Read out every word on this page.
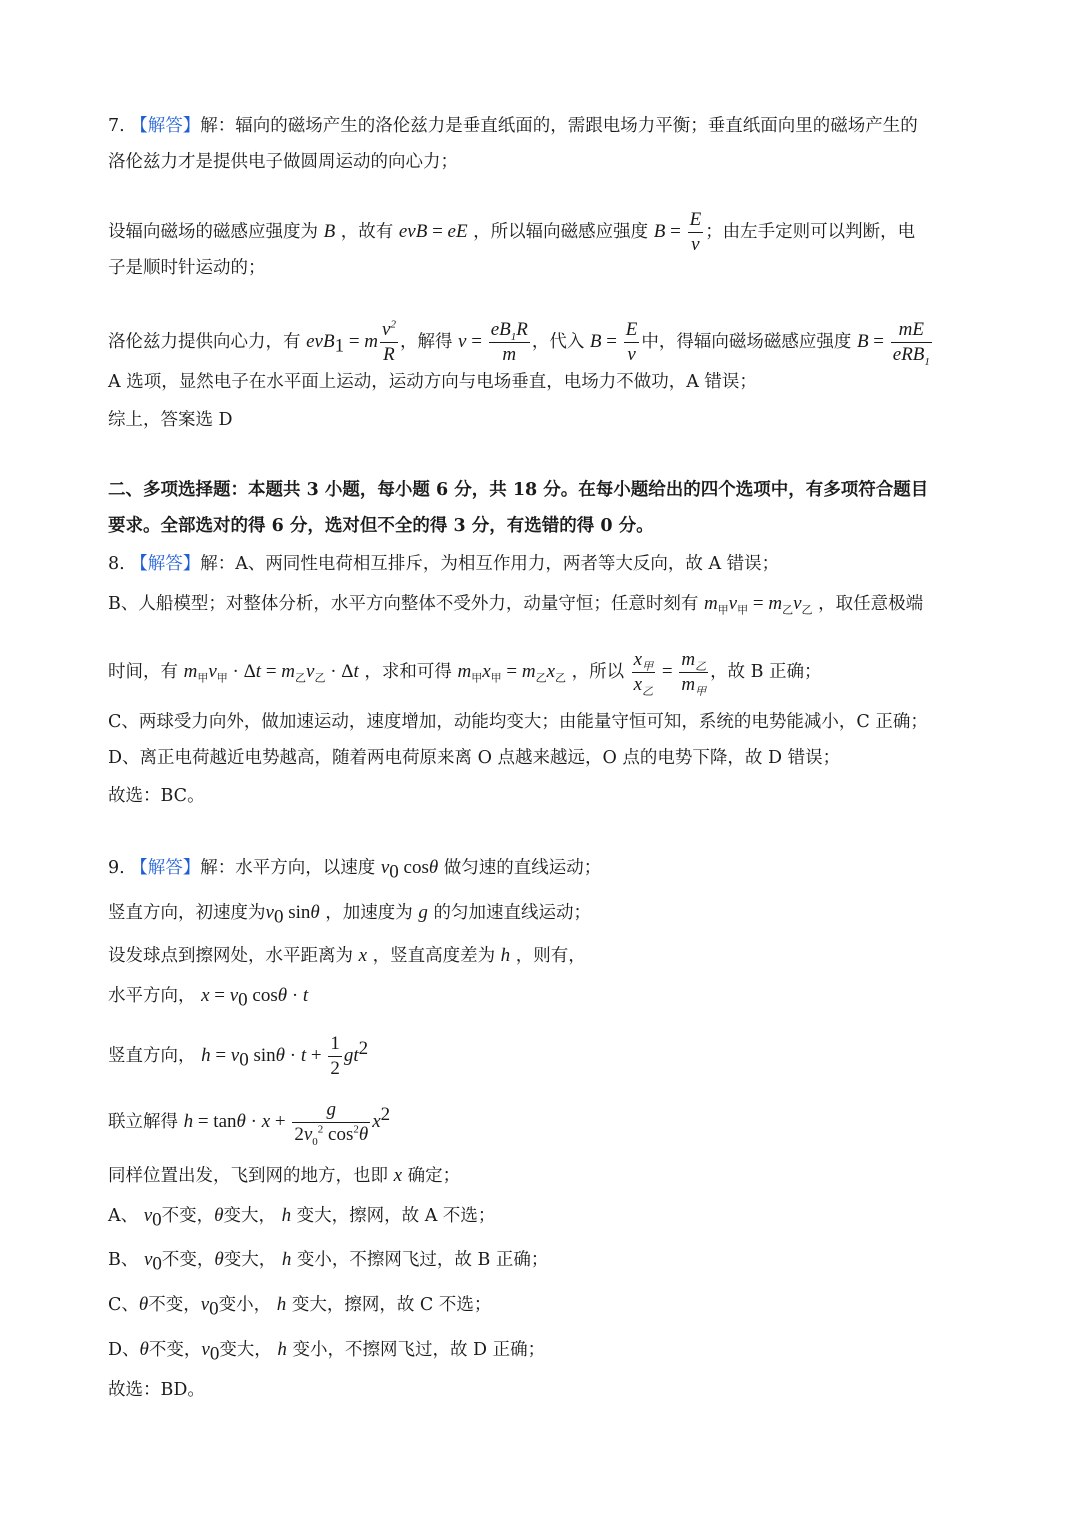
7. 【解答】解：辐向的磁场产生的洛伦兹力是垂直纸面的，需跟电场力平衡；垂直纸面向里的磁场产生的
洛伦兹力才是提供电子做圆周运动的向心力；
设辐向磁场的磁感应强度为 B ，故有 evB = eE ，所以辐向磁感应强度 $B = \frac{E}{v}$ ；由左手定则可以判断，电
子是顺时针运动的；
洛伦兹力提供向心力，有 evB$_1$ = m $\frac{v^2}{R}$ ，解得 $v = \frac{eB_1R}{m}$ ，代入 $B = \frac{E}{v}$ 中，得辐向磁场磁感应强度 $B = \frac{mE}{eRB_1}$
A 选项，显然电子在水平面上运动，运动方向与电场垂直，电场力不做功，A 错误；
综上，答案选 D
二、多项选择题：本题共 3 小题，每小题 6 分，共 18 分。在每小题给出的四个选项中，有多项符合题目
要求。全部选对的得 6 分，选对但不全的得 3 分，有选错的得 0 分。
8. 【解答】解：A、两同性电荷相互排斥，为相互作用力，两者等大反向，故 A 错误；
B、人船模型；对整体分析，水平方向整体不受外力，动量守恒；任意时刻有 $m_甲v_甲 = m_乙v_乙$ ，取任意极端
时间，有 $m_甲v_甲 \cdot \Delta t = m_乙v_乙 \cdot \Delta t$ ，求和可得 $m_甲x_甲 = m_乙x_乙$ ，所以 $\frac{x_甲}{x_乙} = \frac{m_乙}{m_甲}$ ，故 B 正确；
C、两球受力向外，做加速运动，速度增加，动能均变大；由能量守恒可知，系统的电势能减小，C 正确；
D、离正电荷越近电势越高，随着两电荷原来离 O 点越来越远，O 点的电势下降，故 D 错误；
故选：BC。
9. 【解答】解：水平方向，以速度 $v_0$ cosθ 做匀速的直线运动；
竖直方向，初速度为$v_0$ sinθ ，加速度为 g 的匀加速直线运动；
设发球点到擦网处，水平距离为 x ，竖直高度差为 h ，则有，
水平方向， $x = v_0$ cosθ · t
竖直方向， $h = v_0$ $\sin\theta \cdot t + \frac{1}{2} gt^2$
联立解得 $h = \tan\theta \cdot x + \frac{g}{2v_0^2 \cos^2\theta} x^2$
同样位置出发，飞到网的地方，也即 x 确定；
A、 $v_0$不变，θ变大， h 变大，擦网，故 A 不选；
B、 $v_0$不变，θ变大， h 变小，不擦网飞过，故 B 正确；
C、θ不变，$v_0$变小， h 变大，擦网，故 C 不选；
D、θ不变，$v_0$变大， h 变小，不擦网飞过，故 D 正确；
故选：BD。
